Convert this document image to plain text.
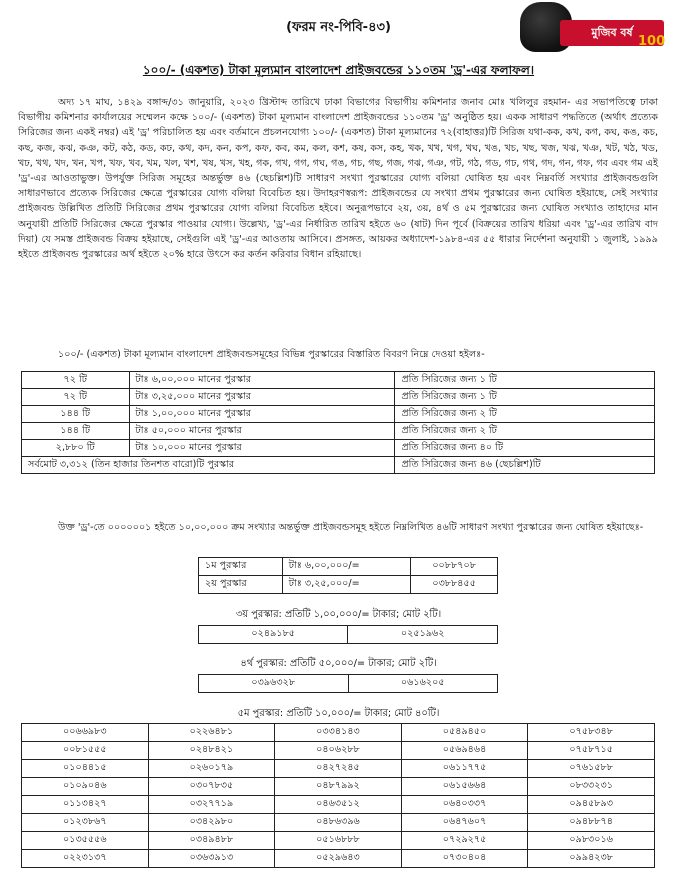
(ফরম নং-পিবি-৪৩)	মুজিব বর্ষ
100
১০০/- (একশত) টাকা মূল্যমান বাংলাদেশ প্রাইজবন্ডের ১১০তম 'ড্র'-এর ফলাফল।

অদ্য ১৭ মাঘ, ১৪২৯ বঙ্গাব্দ/৩১ জানুয়ারি, ২০২৩ খ্রিস্টাব্দ তারিখে ঢাকা বিভাগের বিভাগীয় কমিশনার জনাব মোঃ খলিলুর রহমান- এর সভাপতিত্বে ঢাকা বিভাগীয় কমিশনার কার্যালয়ের সম্মেলন কক্ষে ১০০/- (একশত) টাকা মূল্যমান বাংলাদেশ প্রাইজবন্ডের ১১০তম 'ড্র' অনুষ্ঠিত হয়। একক সাধারণ পদ্ধতিতে (অর্থাৎ প্রত্যেক সিরিজের জন্য একই নম্বর) এই 'ড্র' পরিচালিত হয় এবং বর্তমানে প্রচলনযোগ্য ১০০/- (একশত) টাকা মূল্যমানের ৭২(বাহাত্তর)টি সিরিজ যথা-কক, কখ, কগ, কঘ, কঙ, কচ, কছ, কজ, কঝ, কঞ, কট, কঠ, কড, কঢ, কথ, কদ, কন, কপ, কফ, কব, কম, কল, কশ, কষ, কস, কহ, খক, খখ, খগ, খঘ, খঙ, খচ, খছ, খজ, খঝ, খঞ, খট, খঠ, খড, খঢ, খথ, খদ, খন, খপ, খফ, খব, খম, খল, খশ, খষ, খস, খহ, গক, গখ, গগ, গঘ, গঙ, গচ, গছ, গজ, গঝ, গঞ, গট, গঠ, গড, গঢ, গথ, গদ, গন, গফ, গব এবং গম এই 'ড্র'-এর আওতাভুক্ত। উপর্যুক্ত সিরিজ সমূহের অন্তর্ভুক্ত ৪৬ (ছেচল্লিশ)টি সাধারণ সংখ্যা পুরস্কারের যোগ্য বলিয়া ঘোষিত হয় এবং নিম্নবর্তি সংখ্যার প্রাইজবন্ডগুলি সাধারণভাবে প্রত্যেক সিরিজের ক্ষেত্রে পুরস্কারের যোগ্য বলিয়া বিবেচিত হয়। উদাহরণস্বরূপ: প্রাইজবন্ডের যে সংখ্যা প্রথম পুরস্কারের জন্য ঘোষিত হইয়াছে, সেই সংখ্যার প্রাইজবন্ড উল্লিখিত প্রতিটি সিরিজের প্রথম পুরস্কারের যোগ্য বলিয়া বিবেচিত হইবে। অনুরূপভাবে ২য়, ৩য়, ৪র্থ ও ৫ম পুরস্কারের জন্য ঘোষিত সংখ্যাও তাহাদের মান অনুযায়ী প্রতিটি সিরিজের ক্ষেত্রে পুরস্কার পাওয়ার যোগ্য। উল্লেখ্য, 'ড্র'-এর নির্ধারিত তারিখ হইতে ৬০ (ষাট) দিন পূর্বে (বিক্রয়ের তারিখ ধরিয়া এবং 'ড্র'-এর তারিখ বাদ দিয়া) যে সমস্ত প্রাইজবন্ড বিক্রয় হইয়াছে, সেইগুলি এই 'ড্র'-এর আওতায় আসিবে। প্রসঙ্গত, আয়কর অধ্যাদেশ-১৯৮৪-এর ৫৫ ধারার নির্দেশনা অনুযায়ী ১ জুলাই, ১৯৯৯ হইতে প্রাইজবন্ড পুরস্কারের অর্থ হইতে ২০% হারে উৎসে কর কর্তন করিবার বিধান রহিয়াছে।

১০০/- (একশত) টাকা মূল্যমান বাংলাদেশ প্রাইজবন্ডসমূহের বিভিন্ন পুরস্কারের বিস্তারিত বিবরণ নিম্নে দেওয়া হইলঃ-
৭২ টি	টাঃ ৬,০০,০০০ মানের পুরস্কার	প্রতি সিরিজের জন্য ১ টি
৭২ টি	টাঃ ৩,২৫,০০০ মানের পুরস্কার	প্রতি সিরিজের জন্য ১ টি
১৪৪ টি	টাঃ ১,০০,০০০ মানের পুরস্কার	প্রতি সিরিজের জন্য ২ টি
১৪৪ টি	টাঃ ৫০,০০০ মানের পুরস্কার	প্রতি সিরিজের জন্য ২ টি
২,৮৮০ টি	টাঃ ১০,০০০ মানের পুরস্কার	প্রতি সিরিজের জন্য ৪০ টি
সর্বমোট ৩,৩১২ (তিন হাজার তিনশত বারো)টি পুরস্কার		প্রতি সিরিজের জন্য ৪৬ (ছেচল্লিশ)টি
উক্ত 'ড্র'-তে ০০০০০০১ হইতে ১০,০০,০০০ ক্রম সংখ্যার অন্তর্ভুক্ত প্রাইজবন্ডসমূহ হইতে নিম্নলিখিত ৪৬টি সাধারণ সংখ্যা পুরস্কারের জন্য ঘোষিত হইয়াছেঃ-
১ম পুরস্কার	টাঃ ৬,০০,০০০/=	০০৮৮৭০৮
২য় পুরস্কার	টাঃ ৩,২৫,০০০/=	০৩৮৮৪৫৫
৩য় পুরস্কার: প্রতিটি ১,০০,০০০/= টাকার; মোট ২টি।
০২৪৯১৮৫	০২৫১৯৬২
৪র্থ পুরস্কার: প্রতিটি ৫০,০০০/= টাকার; মোট ২টি।
০৩৯৬৩২৮	০৬১৬২০৫
৫ম পুরস্কার: প্রতিটি ১০,০০০/= টাকার; মোট ৪০টি।
০০৬৬৯৮৩	০২২৬৪৮১	০৩৩৪১৪৩	০৫৪৯৪৫০	০৭৫৮৩৪৮
০০৮১৫৫৫	০২৪৮৪২১	০৪০৬২৮৮	০৫৬৯৪৬৪	০৭৫৮৭১৫
০১০৪৪১৫	০২৬০১৭৯	০৪২৭২৪৫	০৬১১৭৭৫	০৭৬১৫৮৮
০১০৯০৪৬	০৩০৭৮৩৫	০৪৮৭৯৯২	০৬১৫৬৬৪	০৮৩৩২৩১
০১১৩৪২৭	০৩২৭৭১৯	০৪৬৩৫১২	০৬৪০৩৩৭	০৯৪৫৮৯৩
০১২৩৮৬৭	০৩৪২৯৮০	০৪৮৬৩৯৬	০৬৪৭৬০৭	০৯৪৮৮৭৪
০১৩৫৫৫৬	০৩৪৯৪৮৮	০৫১৬৮৮৮	০৭২৯২৭৫	০৯৮৩০১৬
০২২৩১৩৭	০৩৬৩৯১৩	০৫২৯৬৪৩	০৭৩০৪০৪	০৯৯৪২৩৮
